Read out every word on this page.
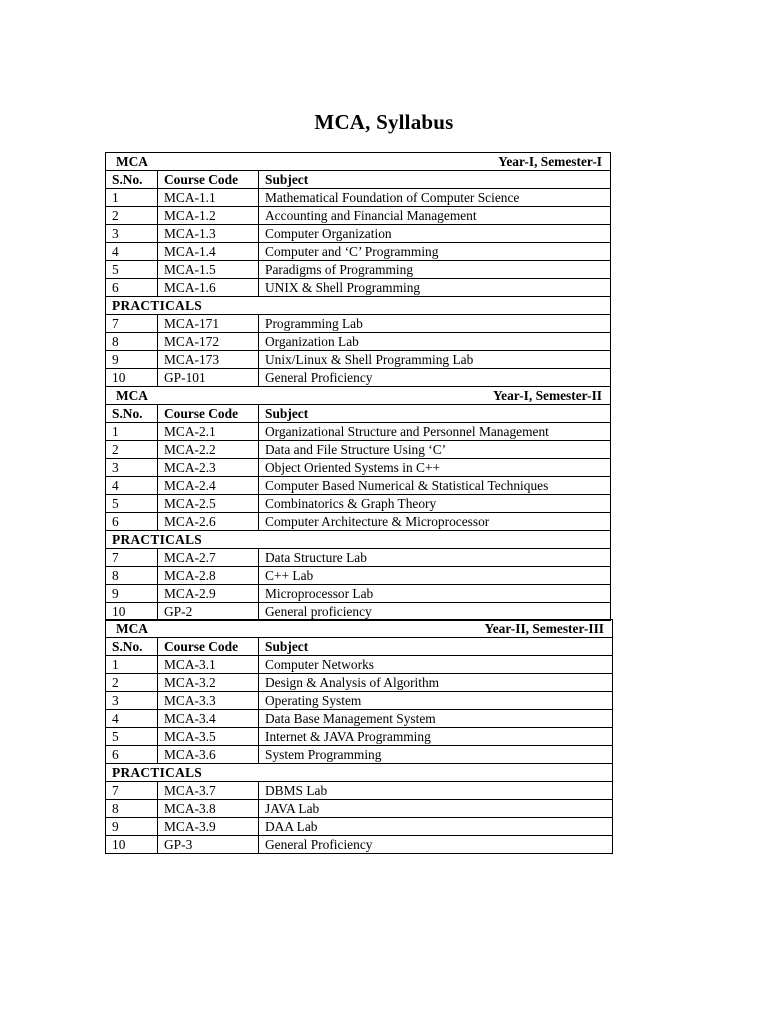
MCA, Syllabus
MCA		Year-I, Semester-I
S.No.	Course Code	Subject
1	MCA-1.1	Mathematical Foundation of Computer Science
2	MCA-1.2	Accounting and Financial Management
3	MCA-1.3	Computer Organization
4	MCA-1.4	Computer and ‘C’ Programming
5	MCA-1.5	Paradigms of Programming
6	MCA-1.6	UNIX & Shell Programming
PRACTICALS		
7	MCA-171	Programming Lab
8	MCA-172	Organization Lab
9	MCA-173	Unix/Linux & Shell Programming Lab
10	GP-101	General Proficiency
MCA		Year-I, Semester-II
S.No.	Course Code	Subject
1	MCA-2.1	Organizational Structure and Personnel Management
2	MCA-2.2	Data and File Structure Using ‘C’
3	MCA-2.3	Object Oriented Systems in C++
4	MCA-2.4	Computer Based Numerical & Statistical Techniques
5	MCA-2.5	Combinatorics & Graph Theory
6	MCA-2.6	Computer Architecture & Microprocessor
PRACTICALS		
7	MCA-2.7	Data Structure Lab
8	MCA-2.8	C++ Lab
9	MCA-2.9	Microprocessor Lab
10	GP-2	General proficiency
MCA		Year-II, Semester-III
S.No.	Course Code	Subject
1	MCA-3.1	Computer Networks
2	MCA-3.2	Design & Analysis of Algorithm
3	MCA-3.3	Operating System
4	MCA-3.4	Data Base Management System
5	MCA-3.5	Internet & JAVA Programming
6	MCA-3.6	System Programming
PRACTICALS		
7	MCA-3.7	DBMS Lab
8	MCA-3.8	JAVA Lab
9	MCA-3.9	DAA Lab
10	GP-3	General Proficiency
